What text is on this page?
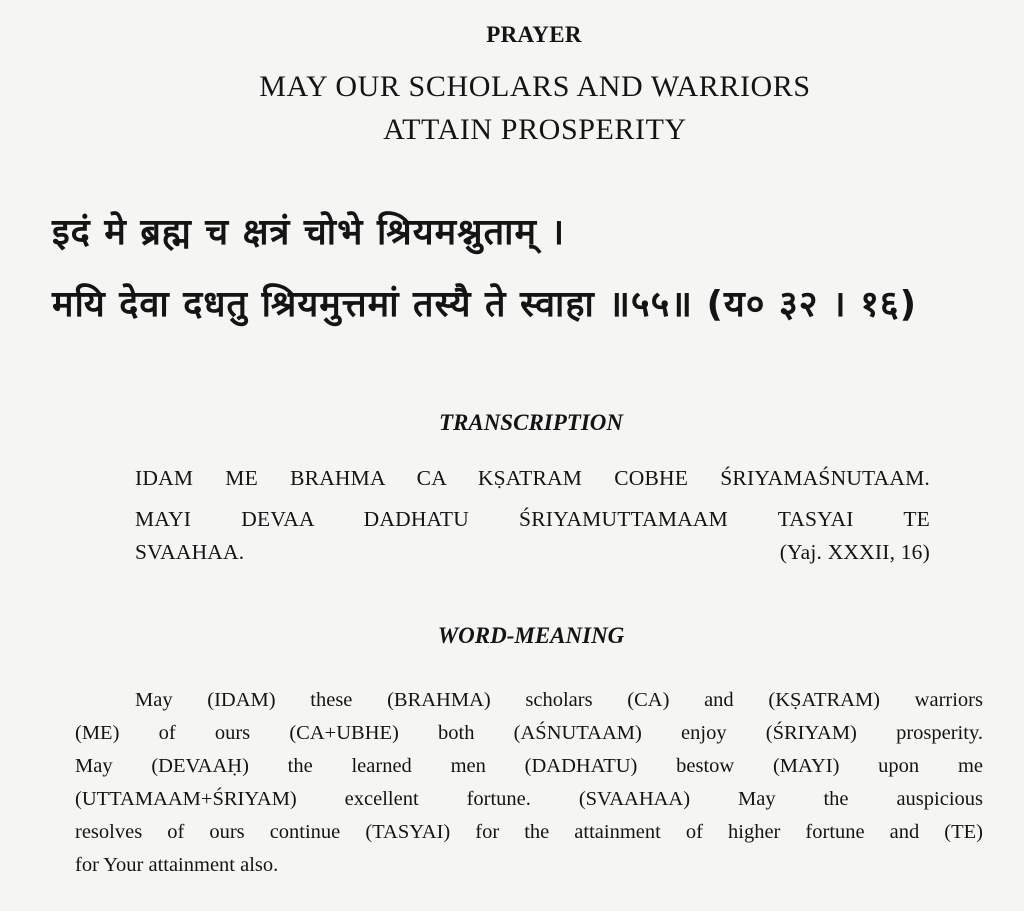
PRAYER
MAY OUR SCHOLARS AND WARRIORS
ATTAIN PROSPERITY
इदं मे ब्रह्म च क्षत्रं चोभे श्रियमश्नुताम् ।
मयि देवा दधतु श्रियमुत्तमां तस्यै ते स्वाहा ॥५५॥ (य० ३२ । १६)
TRANSCRIPTION
IDAM ME BRAHMA CA KṢATRAM COBHE ŚRIYAMAŚNUTAAM.
MAYI DEVAA DADHATU ŚRIYAMUTTAMAAM TASYAI TE
SVAAHAA.	(Yaj. XXXII, 16)
WORD-MEANING
May (IDAM) these (BRAHMA) scholars (CA) and (KṢATRAM) warriors
(ME) of ours (CA+UBHE) both (AŚNUTAAM) enjoy (ŚRIYAM) prosperity.
May (DEVAAḤ) the learned men (DADHATU) bestow (MAYI) upon me
(UTTAMAAM+ŚRIYAM) excellent fortune. (SVAAHAA) May the auspicious
resolves of ours continue (TASYAI) for the attainment of higher fortune and (TE)
for Your attainment also.
